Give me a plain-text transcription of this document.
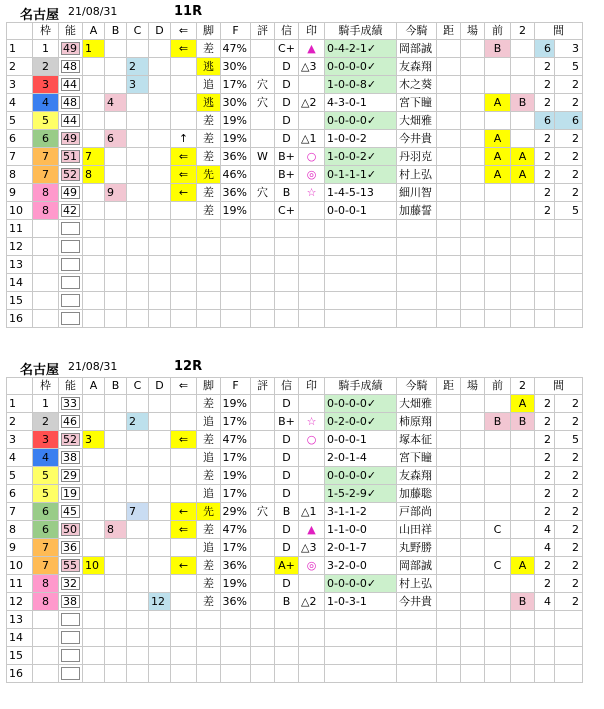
名古屋 21/08/31	11R
	枠	能	A	B	C	D	⇐	脚	F	評	信	印	騎手成績	今騎	距	場	前	2	間	
1	1	49	1				⇐	差	47%		C+	▲	0-4-2-1✓	岡部誠			B		6	3
2	2	48			2			逃	30%		D	△3	0-0-0-0✓	友森翔					2	5
3	3	44			3			追	17%	穴	D		1-0-0-8✓	木之葵					2	2
4	4	48		4				逃	30%	穴	D	△2	4-3-0-1	宮下瞳			A	B	2	2
5	5	44						差	19%		D		0-0-0-0✓	大畑雅					6	6
6	6	49		6			↑	差	19%		D	△1	1-0-0-2	今井貴			A		2	2
7	7	51	7				⇐	差	36%	W	B+	○	1-0-0-2✓	丹羽克			A	A	2	2
8	7	52	8				⇐	先	46%		B+	◎	0-1-1-1✓	村上弘			A	A	2	2
9	8	49		9			←	差	36%	穴	B	☆	1-4-5-13	細川智					2	2
10	8	42						差	19%		C+		0-0-0-1	加藤誓					2	5
11		

12		

13		

14		

15		

16		

名古屋 21/08/31	12R
	枠	能	A	B	C	D	⇐	脚	F	評	信	印	騎手成績	今騎	距	場	前	2	間	
1	1	33						差	19%		D		0-0-0-0✓	大畑雅				A	2	2
2	2	46			2			追	17%		B+	☆	0-2-0-0✓	柿原翔			B	B	2	2
3	3	52	3				⇐	差	47%		D	○	0-0-0-1	塚本征					2	5
4	4	38						追	17%		D		2-0-1-4	宮下瞳					2	2
5	5	29						差	19%		D		0-0-0-0✓	友森翔					2	2
6	5	19						追	17%		D		1-5-2-9✓	加藤聡					2	2
7	6	45			7		←	先	29%	穴	B	△1	3-1-1-2	戸部尚					2	2
8	6	50		8			⇐	差	47%		D	▲	1-1-0-0	山田祥			C		4	2
9	7	36						追	17%		D	△3	2-0-1-7	丸野勝					4	2
10	7	55	10				←	差	36%		A+	◎	3-2-0-0	岡部誠			C	A	2	2
11	8	32						差	19%		D		0-0-0-0✓	村上弘					2	2
12	8	38				12		差	36%		B	△2	1-0-3-1	今井貴				B	4	2
13		

14		

15		

16		
